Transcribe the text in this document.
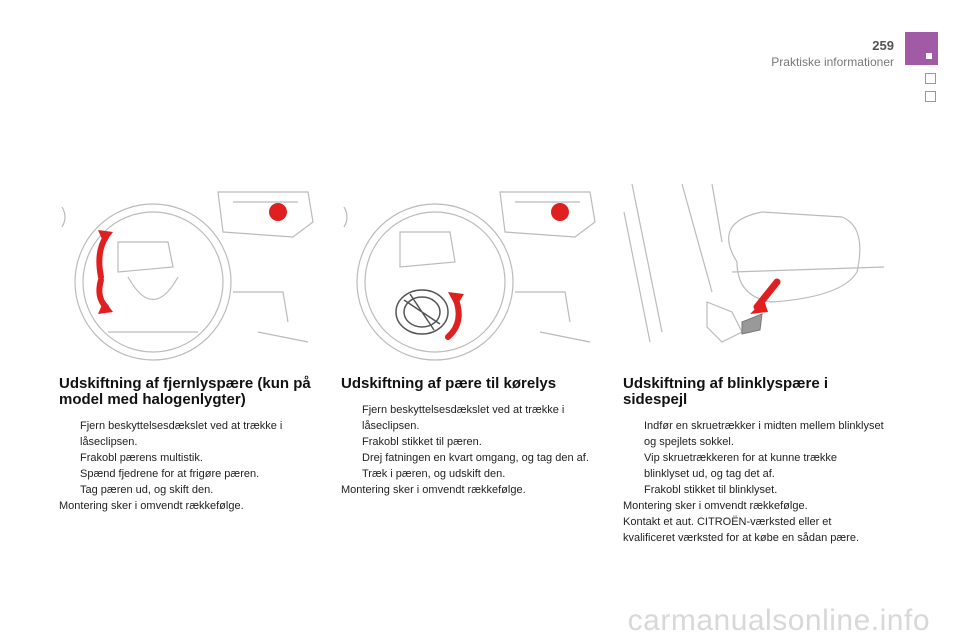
259
Praktiske informationer
Udskiftning af fjernlyspære (kun på model med halogenlygter)
Fjern beskyttelsesdækslet ved at trække i låseclipsen.
Frakobl pærens multistik.
Spænd fjedrene for at frigøre pæren.
Tag pæren ud, og skift den.

Montering sker i omvendt rækkefølge.

Udskiftning af pære til kørelys
Fjern beskyttelsesdækslet ved at trække i låseclipsen.
Frakobl stikket til pæren.
Drej fatningen en kvart omgang, og tag den af.
Træk i pæren, og udskift den.

Montering sker i omvendt rækkefølge.

Udskiftning af blinklyspære i sidespejl
Indfør en skruetrækker i midten mellem blinklyset og spejlets sokkel.
Vip skruetrækkeren for at kunne trække blinklyset ud, og tag det af.
Frakobl stikket til blinklyset.

Montering sker i omvendt rækkefølge.

Kontakt et aut. CITROËN-værksted eller et kvalificeret værksted for at købe en sådan pære.

carmanualsonline.info
